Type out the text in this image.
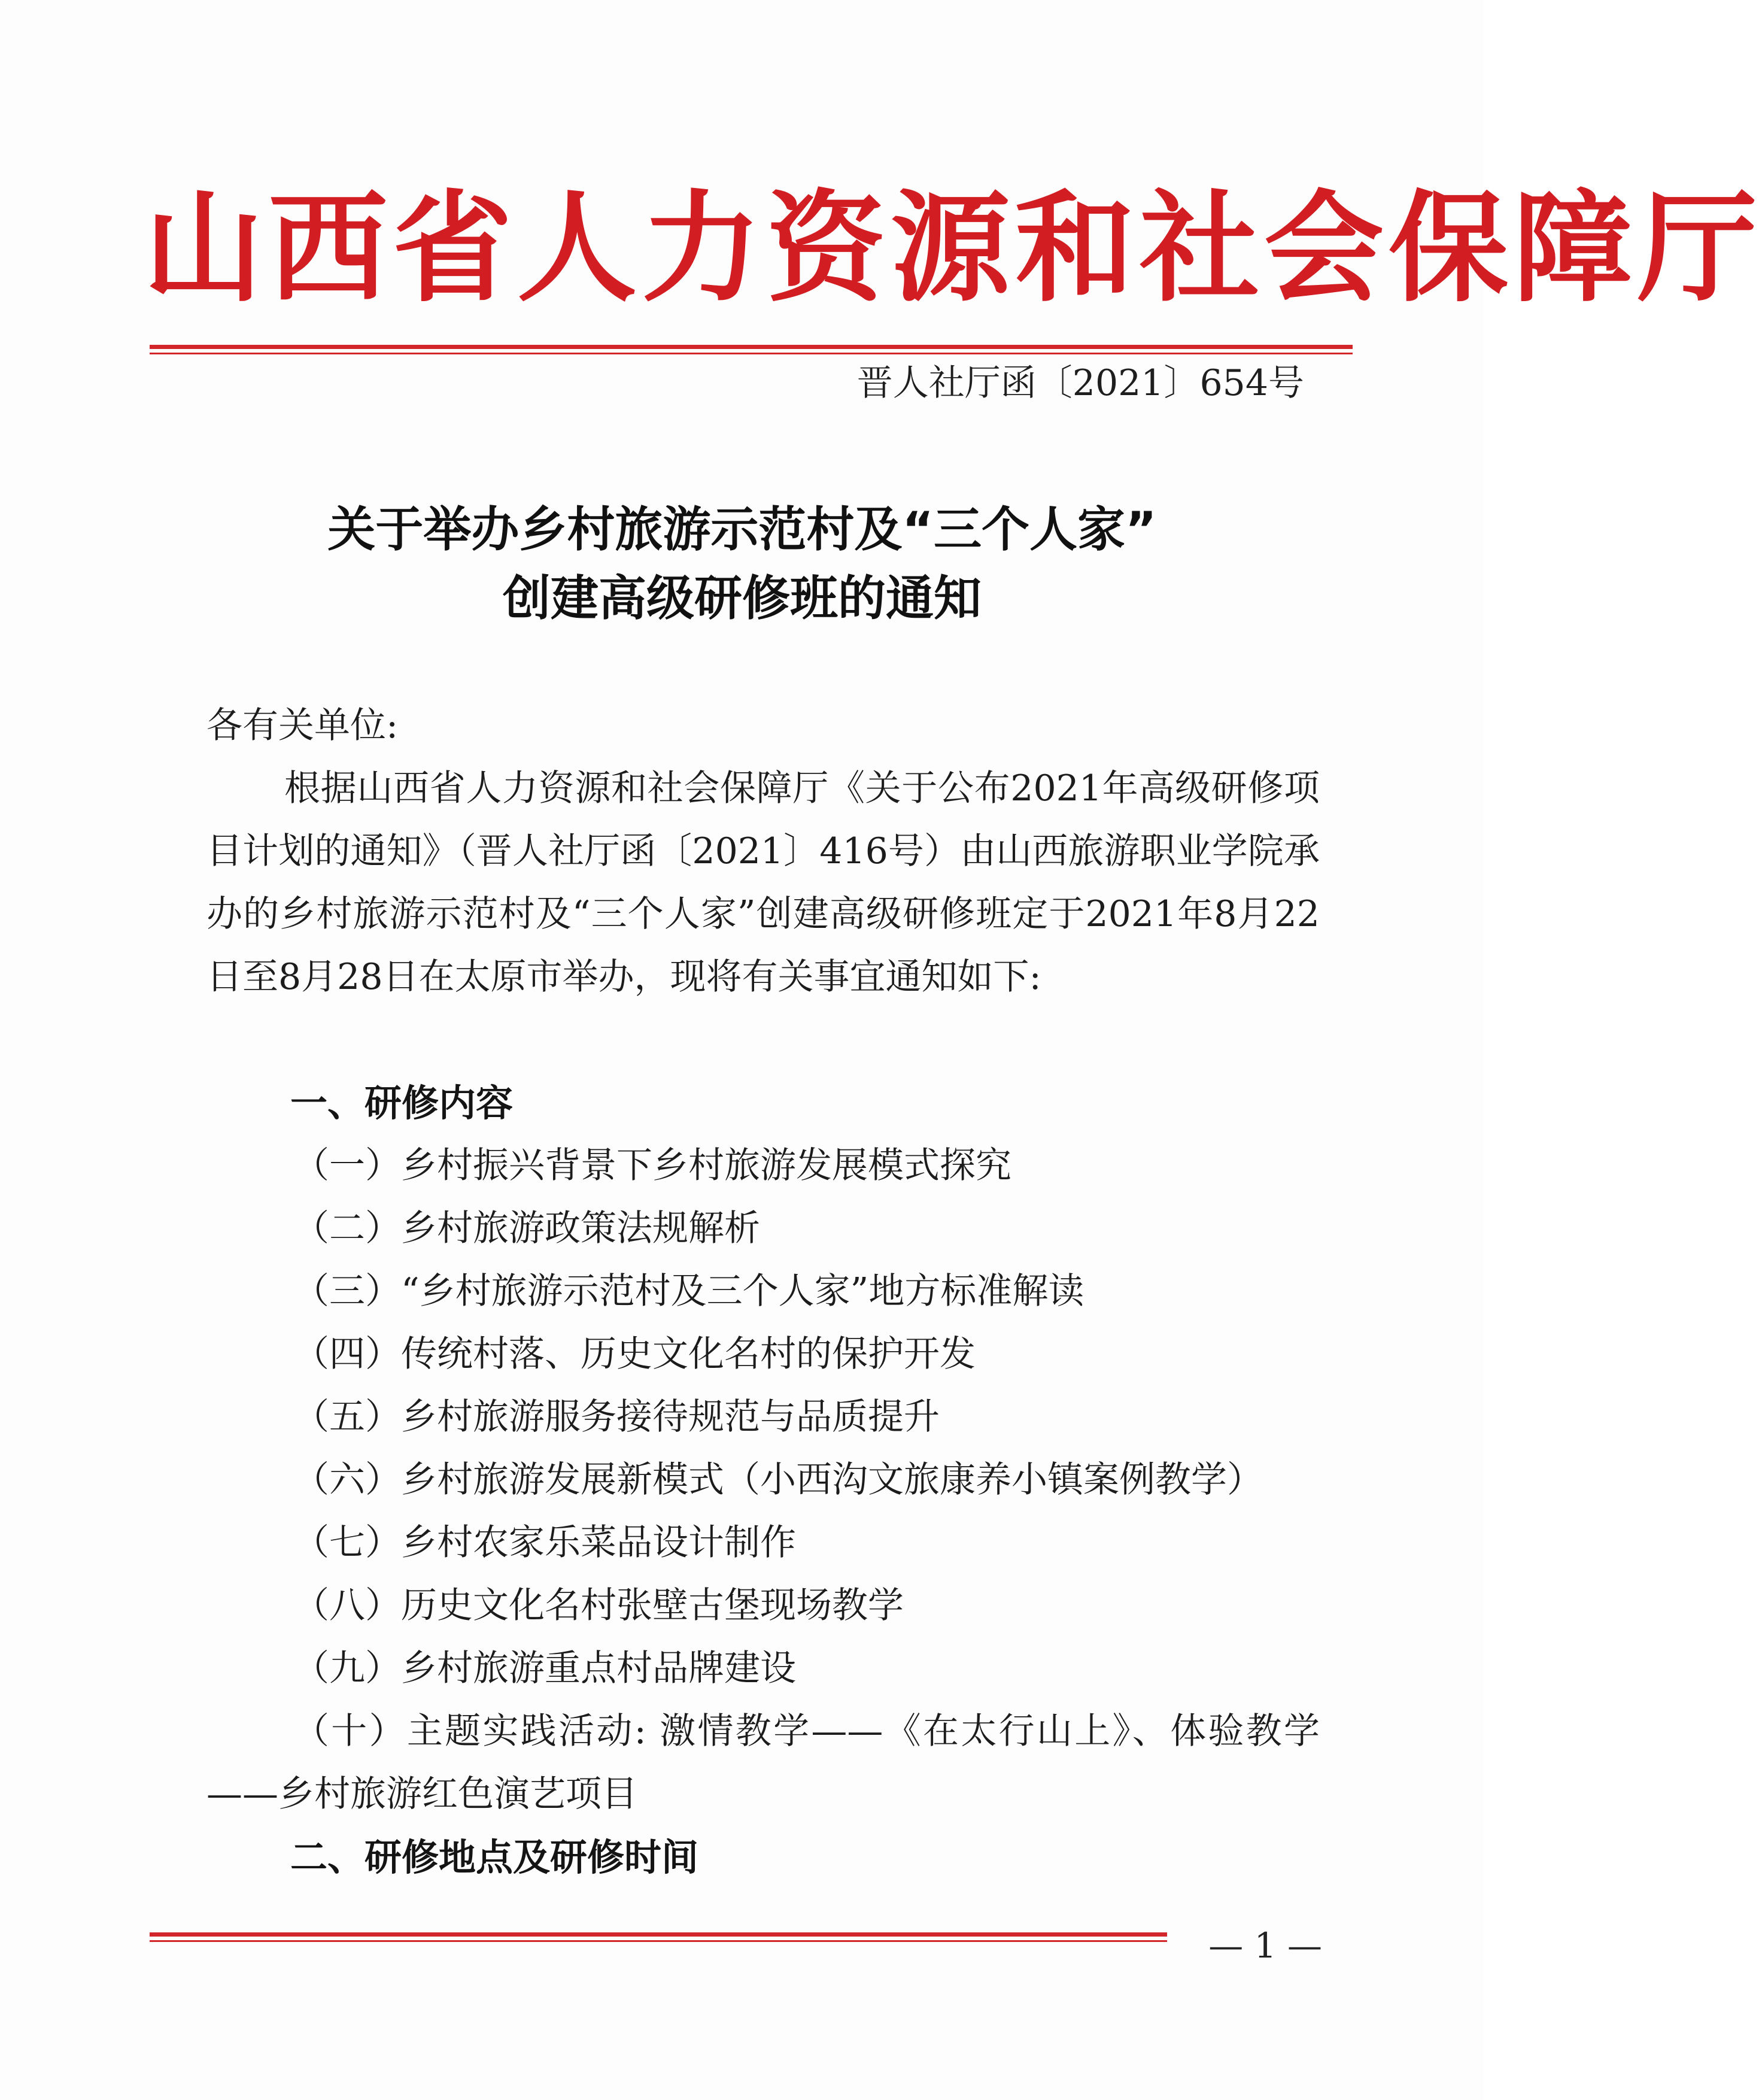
山西省人力资源和社会保障厅
晋人社厅函〔2021〕654号
关于举办乡村旅游示范村及“三个人家”
创建高级研修班的通知

各有关单位:

根据山西省人力资源和社会保障厅《关于公布2021年高级研修项目计划的通知》（晋人社厅函〔2021〕416号）由山西旅游职业学院承办的乡村旅游示范村及“三个人家”创建高级研修班定于2021年8月22日至8月28日在太原市举办，现将有关事宜通知如下:

一、研修内容
（一）乡村振兴背景下乡村旅游发展模式探究
（二）乡村旅游政策法规解析
（三）“乡村旅游示范村及三个人家”地方标准解读
（四）传统村落、历史文化名村的保护开发
（五）乡村旅游服务接待规范与品质提升
（六）乡村旅游发展新模式（小西沟文旅康养小镇案例教学）
（七）乡村农家乐菜品设计制作
（八）历史文化名村张壁古堡现场教学
（九）乡村旅游重点村品牌建设

（十）主题实践活动: 激情教学——《在太行山上》、体验教学——乡村旅游红色演艺项目

二、研修地点及研修时间
— 1 —
